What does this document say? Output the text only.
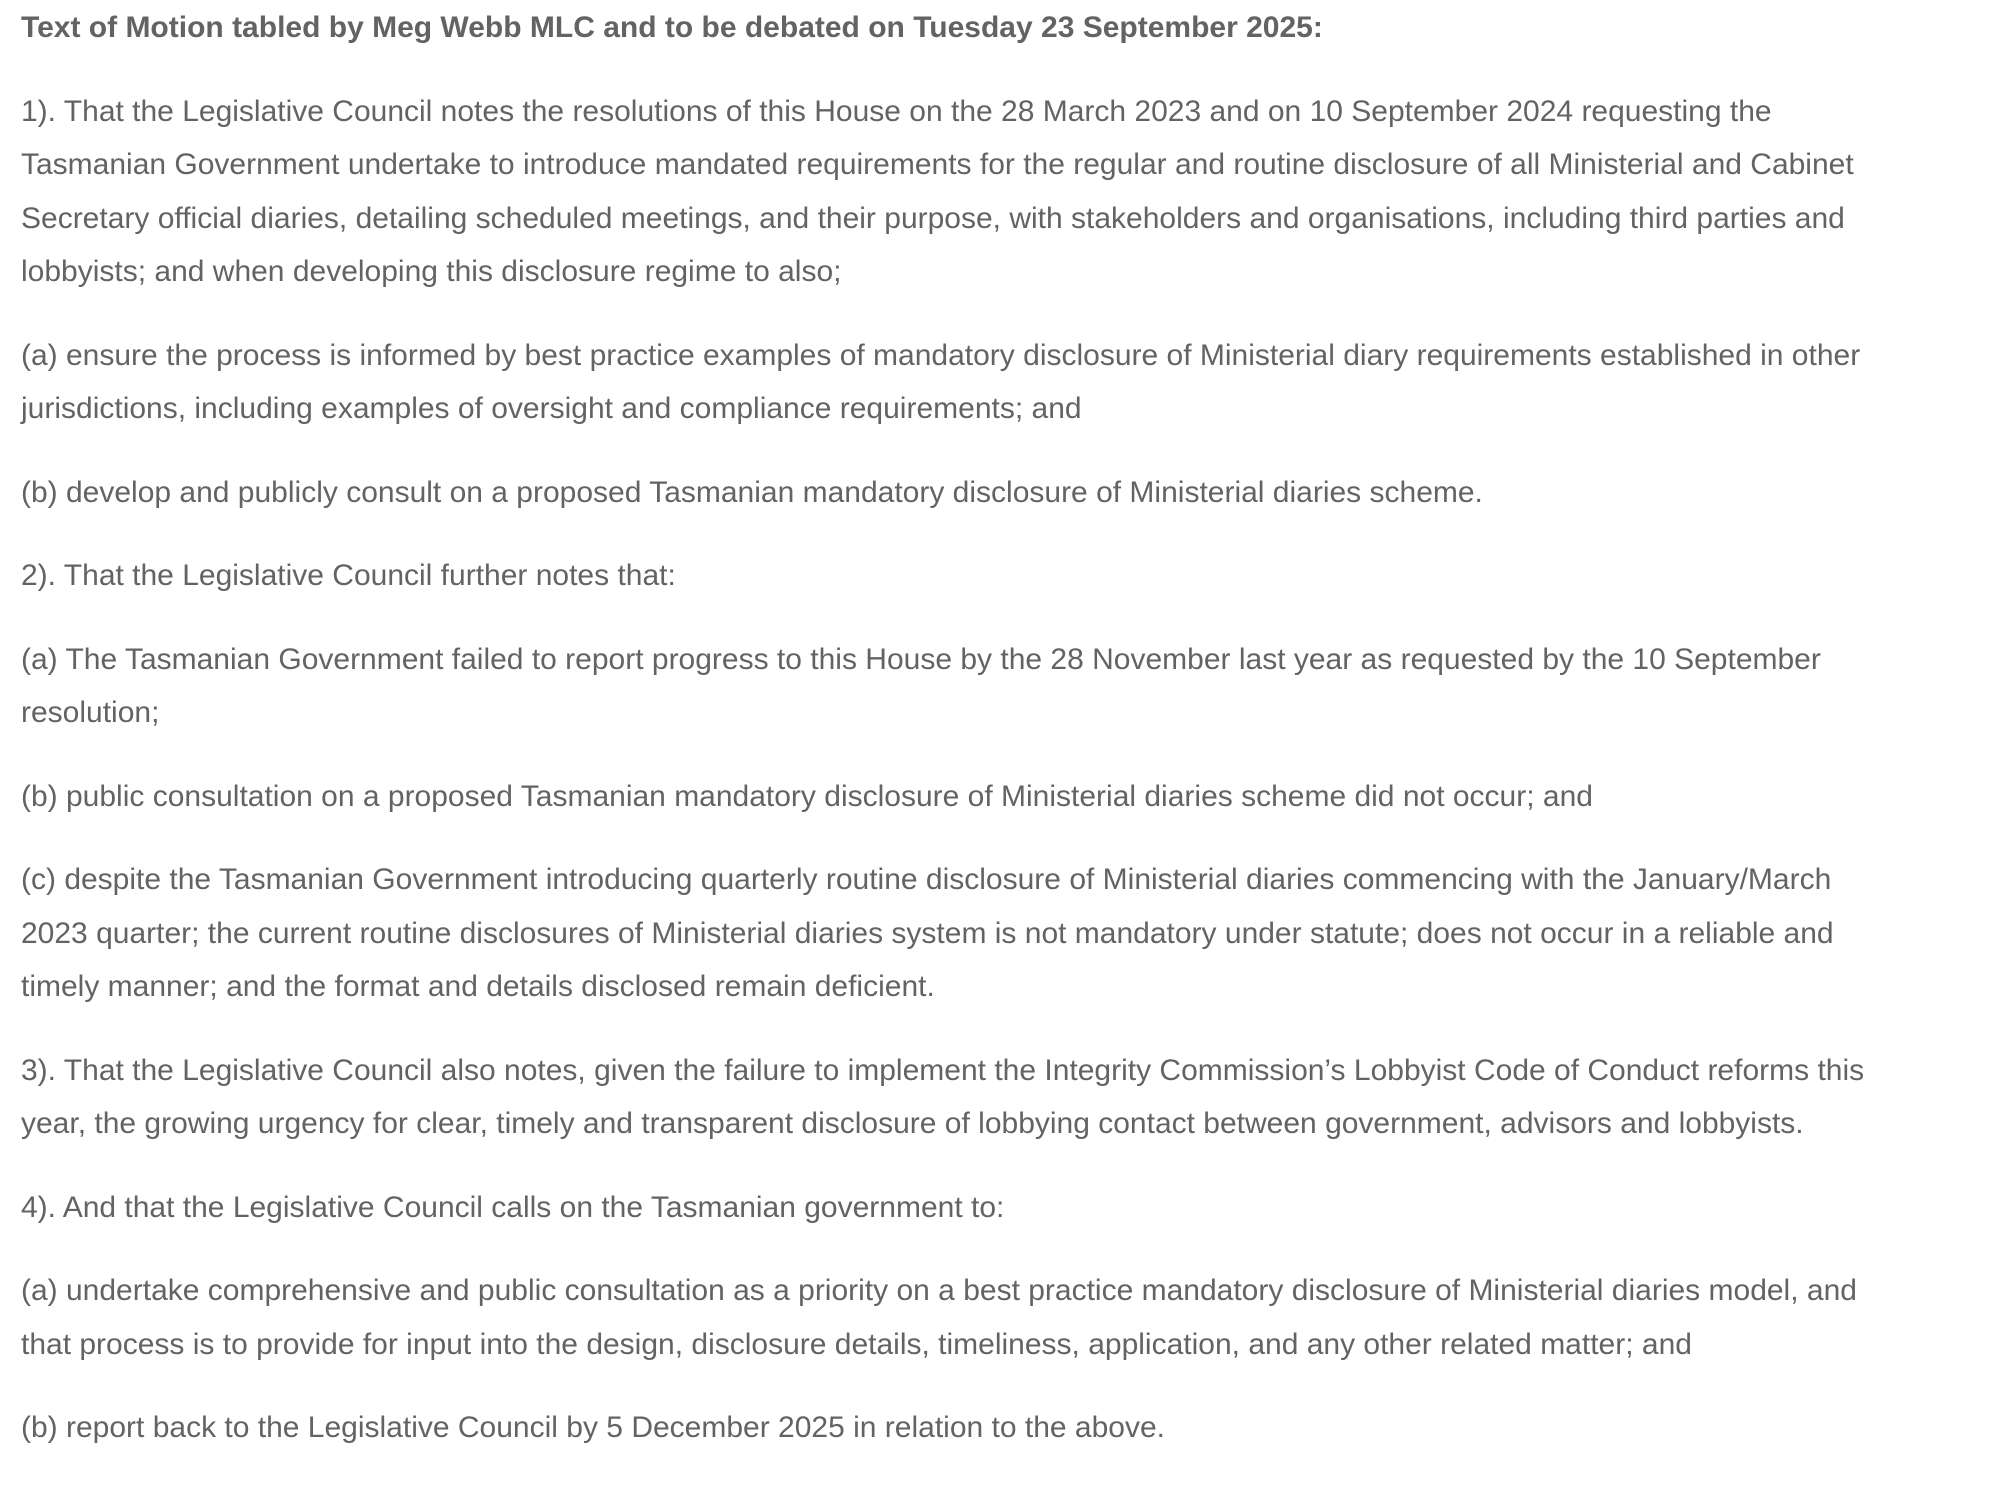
Text of Motion tabled by Meg Webb MLC and to be debated on Tuesday 23 September 2025:

1). That the Legislative Council notes the resolutions of this House on the 28 March 2023 and on 10 September 2024 requesting the
Tasmanian Government undertake to introduce mandated requirements for the regular and routine disclosure of all Ministerial and Cabinet
Secretary official diaries, detailing scheduled meetings, and their purpose, with stakeholders and organisations, including third parties and
lobbyists; and when developing this disclosure regime to also;

(a) ensure the process is informed by best practice examples of mandatory disclosure of Ministerial diary requirements established in other
jurisdictions, including examples of oversight and compliance requirements; and

(b) develop and publicly consult on a proposed Tasmanian mandatory disclosure of Ministerial diaries scheme.

2). That the Legislative Council further notes that:

(a) The Tasmanian Government failed to report progress to this House by the 28 November last year as requested by the 10 September
resolution;

(b) public consultation on a proposed Tasmanian mandatory disclosure of Ministerial diaries scheme did not occur; and

(c) despite the Tasmanian Government introducing quarterly routine disclosure of Ministerial diaries commencing with the January/March
2023 quarter; the current routine disclosures of Ministerial diaries system is not mandatory under statute; does not occur in a reliable and
timely manner; and the format and details disclosed remain deficient.

3). That the Legislative Council also notes, given the failure to implement the Integrity Commission’s Lobbyist Code of Conduct reforms this
year, the growing urgency for clear, timely and transparent disclosure of lobbying contact between government, advisors and lobbyists.

4). And that the Legislative Council calls on the Tasmanian government to:

(a) undertake comprehensive and public consultation as a priority on a best practice mandatory disclosure of Ministerial diaries model, and
that process is to provide for input into the design, disclosure details, timeliness, application, and any other related matter; and

(b) report back to the Legislative Council by 5 December 2025 in relation to the above.
